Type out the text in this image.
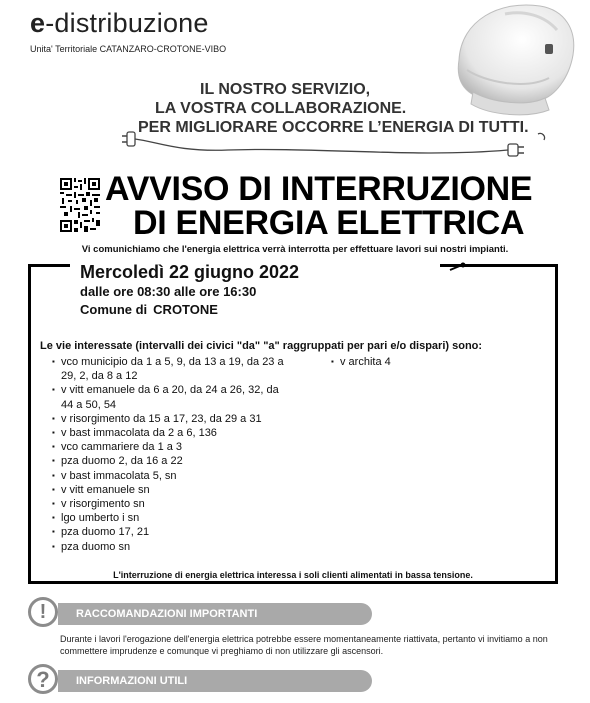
e-distribuzione
Unita' Territoriale CATANZARO-CROTONE-VIBO
IL NOSTRO SERVIZIO,
LA VOSTRA COLLABORAZIONE.
PER MIGLIORARE OCCORRE L’ENERGIA DI TUTTI.
AVVISO DI INTERRUZIONE
DI ENERGIA ELETTRICA
Vi comunichiamo che l'energia elettrica verrà interrotta per effettuare lavori sui nostri impianti.
Mercoledì 22 giugno 2022
dalle ore 08:30 alle ore 16:30
Comune di CROTONE
Le vie interessate (intervalli dei civici "da" "a" raggruppati per pari e/o dispari) sono:
▪ vco municipio da 1 a 5, 9, da 13 a 19, da 23 a 29, 2, da 8 a 12
▪ v vitt emanuele da 6 a 20, da 24 a 26, 32, da 44 a 50, 54
▪ v risorgimento da 15 a 17, 23, da 29 a 31
▪ v bast immacolata da 2 a 6, 136
▪ vco cammariere da 1 a 3
▪ pza duomo 2, da 16 a 22
▪ v bast immacolata 5, sn
▪ v vitt emanuele sn
▪ v risorgimento sn
▪ lgo umberto i sn
▪ pza duomo 17, 21
▪ pza duomo sn
▪ v archita 4
L'interruzione di energia elettrica interessa i soli clienti alimentati in bassa tensione.
RACCOMANDAZIONI IMPORTANTI
!
Durante i lavori l'erogazione dell'energia elettrica potrebbe essere momentaneamente riattivata, pertanto vi invitiamo a non commettere imprudenze e comunque vi preghiamo di non utilizzare gli ascensori.
INFORMAZIONI UTILI
?
